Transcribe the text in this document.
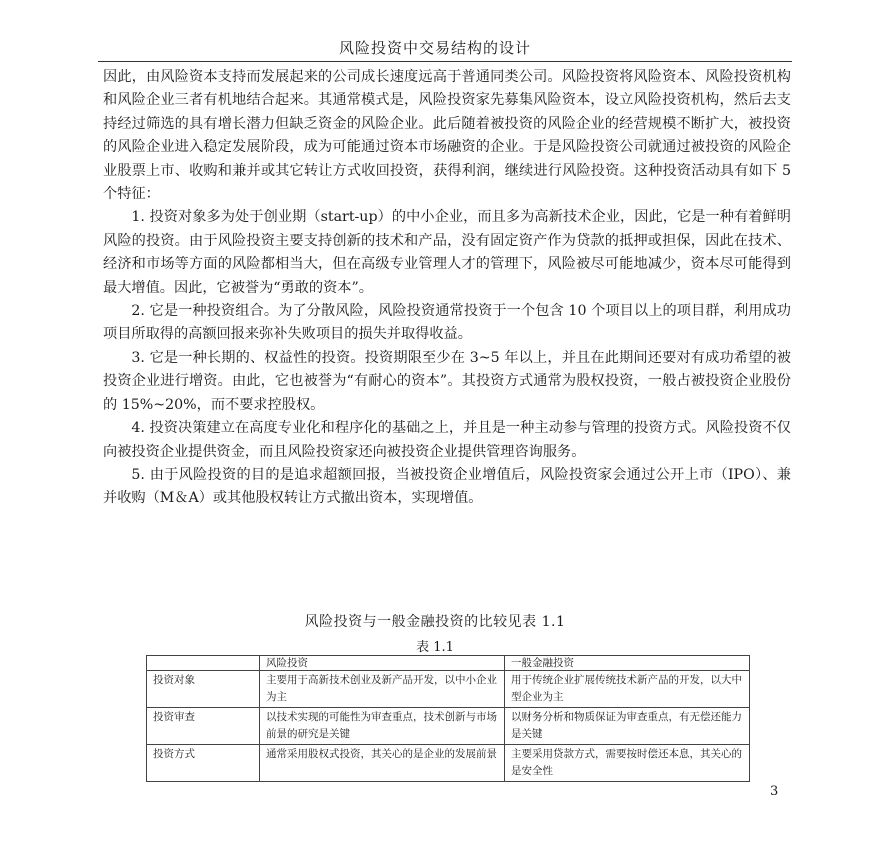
风险投资中交易结构的设计

因此，由风险资本支持而发展起来的公司成长速度远高于普通同类公司。风险投资将风险资本、风险投资机构和风险企业三者有机地结合起来。其通常模式是，风险投资家先募集风险资本，设立风险投资机构，然后去支持经过筛选的具有增长潜力但缺乏资金的风险企业。此后随着被投资的风险企业的经营规模不断扩大，被投资的风险企业进入稳定发展阶段，成为可能通过资本市场融资的企业。于是风险投资公司就通过被投资的风险企业股票上市、收购和兼并或其它转让方式收回投资，获得利润，继续进行风险投资。这种投资活动具有如下 5 个特征：

1. 投资对象多为处于创业期（start-up）的中小企业，而且多为高新技术企业，因此，它是一种有着鲜明风险的投资。由于风险投资主要支持创新的技术和产品，没有固定资产作为贷款的抵押或担保，因此在技术、经济和市场等方面的风险都相当大，但在高级专业管理人才的管理下，风险被尽可能地减少，资本尽可能得到最大增值。因此，它被誉为“勇敢的资本”。

2. 它是一种投资组合。为了分散风险，风险投资通常投资于一个包含 10 个项目以上的项目群，利用成功项目所取得的高额回报来弥补失败项目的损失并取得收益。

3. 它是一种长期的、权益性的投资。投资期限至少在 3~5 年以上，并且在此期间还要对有成功希望的被投资企业进行增资。由此，它也被誉为“有耐心的资本”。其投资方式通常为股权投资，一般占被投资企业股份的 15%~20%，而不要求控股权。

4. 投资决策建立在高度专业化和程序化的基础之上，并且是一种主动参与管理的投资方式。风险投资不仅向被投资企业提供资金，而且风险投资家还向被投资企业提供管理咨询服务。

5. 由于风险投资的目的是追求超额回报，当被投资企业增值后，风险投资家会通过公开上市（IPO）、兼并收购（M＆A）或其他股权转让方式撤出资本，实现增值。

风险投资与一般金融投资的比较见表 1.1
表 1.1
	风险投资	一般金融投资
投资对象	主要用于高新技术创业及新产品开发，以中小企业为主	用于传统企业扩展传统技术新产品的开发，以大中型企业为主
投资审查	以技术实现的可能性为审查重点，技术创新与市场前景的研究是关键	以财务分析和物质保证为审查重点，有无偿还能力是关键
投资方式	通常采用股权式投资，其关心的是企业的发展前景	主要采用贷款方式，需要按时偿还本息，其关心的是安全性
3
